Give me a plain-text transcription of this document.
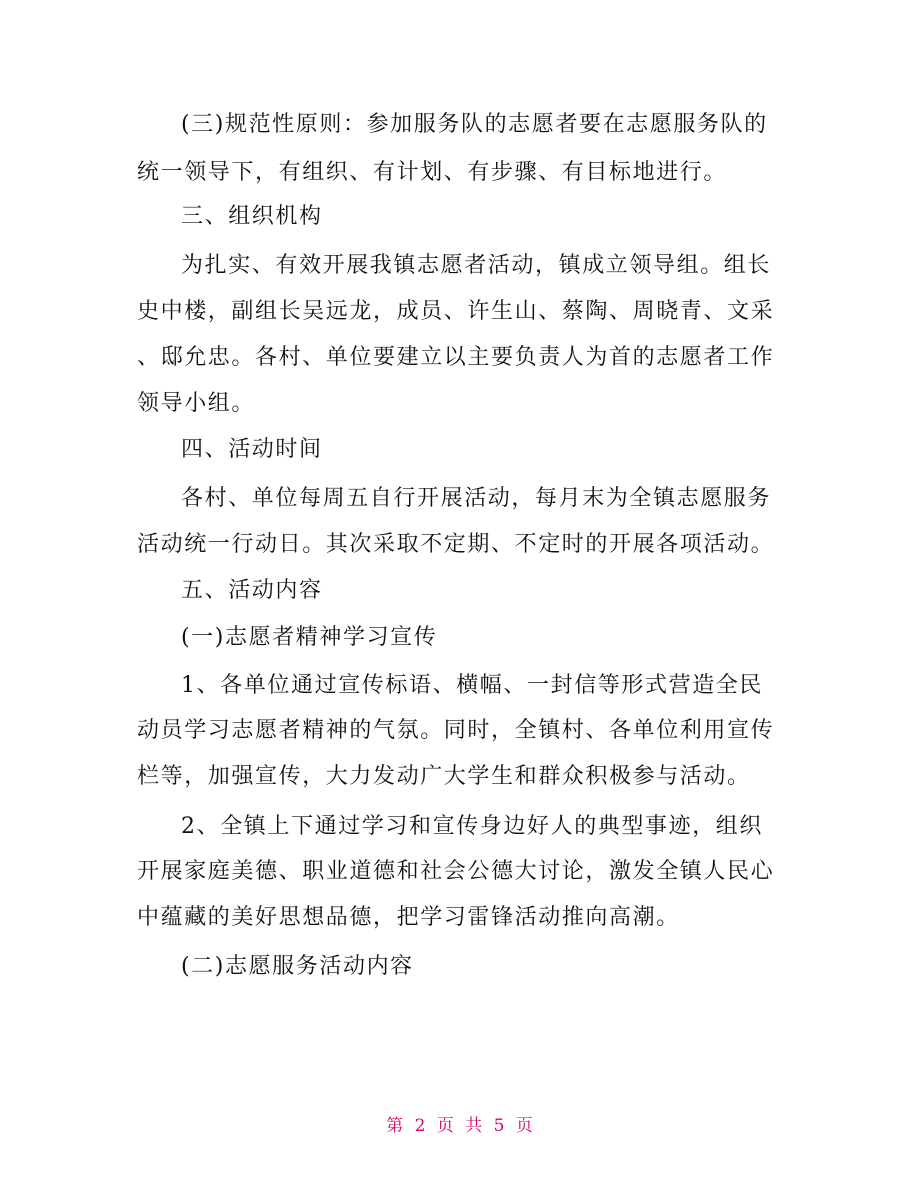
(三)规范性原则：参加服务队的志愿者要在志愿服务队的
统一领导下，有组织、有计划、有步骤、有目标地进行。
三、组织机构
为扎实、有效开展我镇志愿者活动，镇成立领导组。组长
史中楼，副组长吴远龙，成员、许生山、蔡陶、周晓青、文采
、邸允忠。各村、单位要建立以主要负责人为首的志愿者工作
领导小组。
四、活动时间
各村、单位每周五自行开展活动，每月末为全镇志愿服务
活动统一行动日。其次采取不定期、不定时的开展各项活动。
五、活动内容
(一)志愿者精神学习宣传
1、各单位通过宣传标语、横幅、一封信等形式营造全民
动员学习志愿者精神的气氛。同时，全镇村、各单位利用宣传
栏等，加强宣传，大力发动广大学生和群众积极参与活动。
2、全镇上下通过学习和宣传身边好人的典型事迹，组织
开展家庭美德、职业道德和社会公德大讨论，激发全镇人民心
中蕴藏的美好思想品德，把学习雷锋活动推向高潮。
(二)志愿服务活动内容
第 2 页 共 5 页
